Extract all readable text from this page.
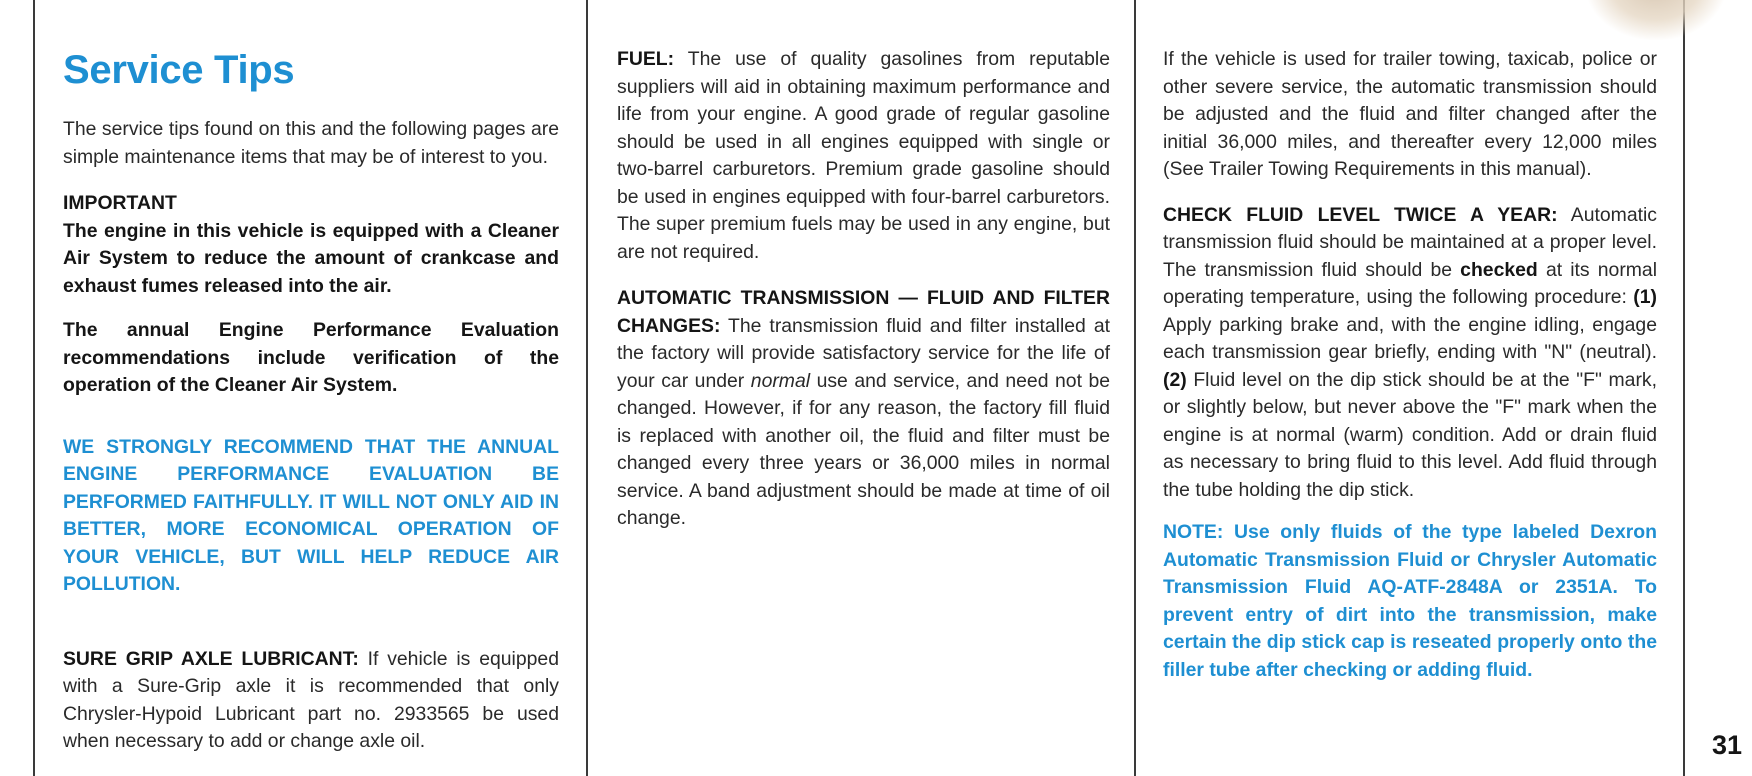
Service Tips

The service tips found on this and the following pages are simple maintenance items that may be of interest to you.

IMPORTANT

The engine in this vehicle is equipped with a Cleaner Air System to reduce the amount of crankcase and exhaust fumes released into the air.

The annual Engine Performance Evaluation recommendations include verification of the operation of the Cleaner Air System.

WE STRONGLY RECOMMEND THAT THE ANNUAL ENGINE PERFORMANCE EVALUATION BE PERFORMED FAITHFULLY. IT WILL NOT ONLY AID IN BETTER, MORE ECONOMICAL OPERATION OF YOUR VEHICLE, BUT WILL HELP REDUCE AIR POLLUTION.

SURE GRIP AXLE LUBRICANT: If vehicle is equipped with a Sure-Grip axle it is recommended that only Chrysler-Hypoid Lubricant part no. 2933565 be used when necessary to add or change axle oil.

FUEL: The use of quality gasolines from reputable suppliers will aid in obtaining maximum performance and life from your engine. A good grade of regular gasoline should be used in all engines equipped with single or two-barrel carburetors. Premium grade gasoline should be used in engines equipped with four-barrel carburetors. The super premium fuels may be used in any engine, but are not required.

AUTOMATIC TRANSMISSION — FLUID AND FILTER CHANGES: The transmission fluid and filter installed at the factory will provide satisfactory service for the life of your car under normal use and service, and need not be changed. However, if for any reason, the factory fill fluid is replaced with another oil, the fluid and filter must be changed every three years or 36,000 miles in normal service. A band adjustment should be made at time of oil change.

If the vehicle is used for trailer towing, taxicab, police or other severe service, the automatic transmission should be adjusted and the fluid and filter changed after the initial 36,000 miles, and thereafter every 12,000 miles (See Trailer Towing Requirements in this manual).

CHECK FLUID LEVEL TWICE A YEAR: Automatic transmission fluid should be maintained at a proper level. The transmission fluid should be checked at its normal operating temperature, using the following procedure: (1) Apply parking brake and, with the engine idling, engage each transmission gear briefly, ending with "N" (neutral). (2) Fluid level on the dip stick should be at the "F" mark, or slightly below, but never above the "F" mark when the engine is at normal (warm) condition. Add or drain fluid as necessary to bring fluid to this level. Add fluid through the tube holding the dip stick.

NOTE: Use only fluids of the type labeled Dexron Automatic Transmission Fluid or Chrysler Automatic Transmission Fluid AQ-ATF-2848A or 2351A. To prevent entry of dirt into the transmission, make certain the dip stick cap is reseated properly onto the filler tube after checking or adding fluid.

31
